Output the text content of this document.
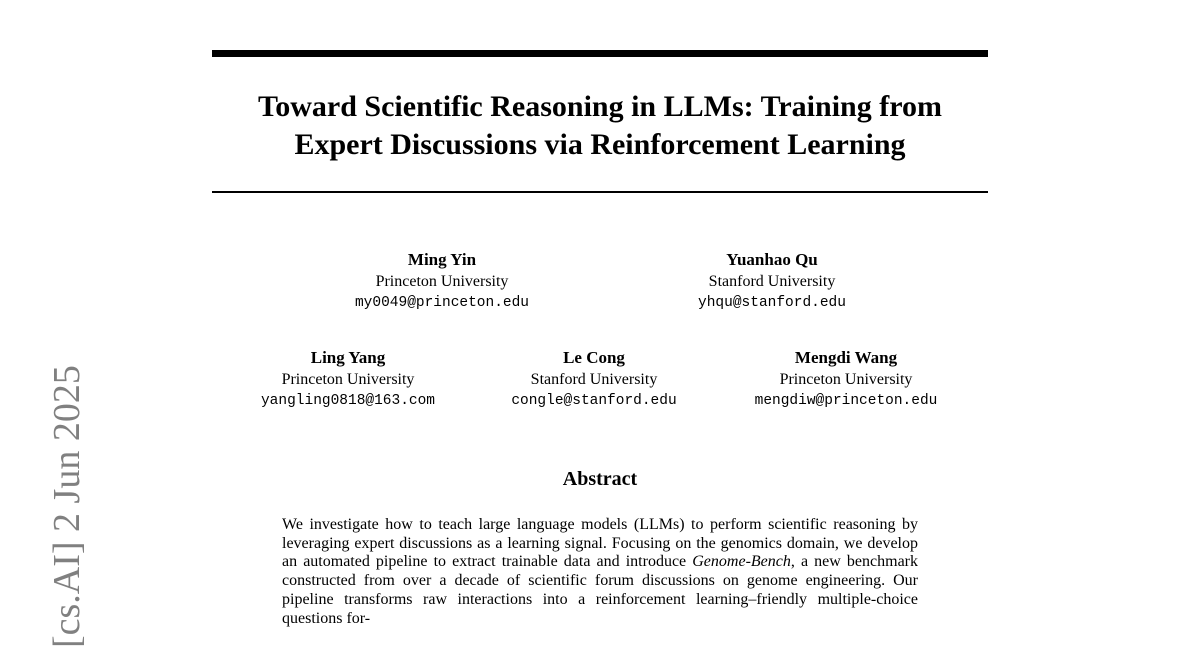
Toward Scientific Reasoning in LLMs: Training from
Expert Discussions via Reinforcement Learning
Ming Yin
Princeton University
my0049@princeton.edu
Yuanhao Qu
Stanford University
yhqu@stanford.edu
Ling Yang
Princeton University
yangling0818@163.com
Le Cong
Stanford University
congle@stanford.edu
Mengdi Wang
Princeton University
mengdiw@princeton.edu
Abstract

We investigate how to teach large language models (LLMs) to perform scientific reasoning by leveraging expert discussions as a learning signal. Focusing on the genomics domain, we develop an automated pipeline to extract trainable data and introduce Genome-Bench, a new benchmark constructed from over a decade of scientific forum discussions on genome engineering. Our pipeline transforms raw interactions into a reinforcement learning–friendly multiple-choice questions for-

[cs.AI] 2 Jun 2025
